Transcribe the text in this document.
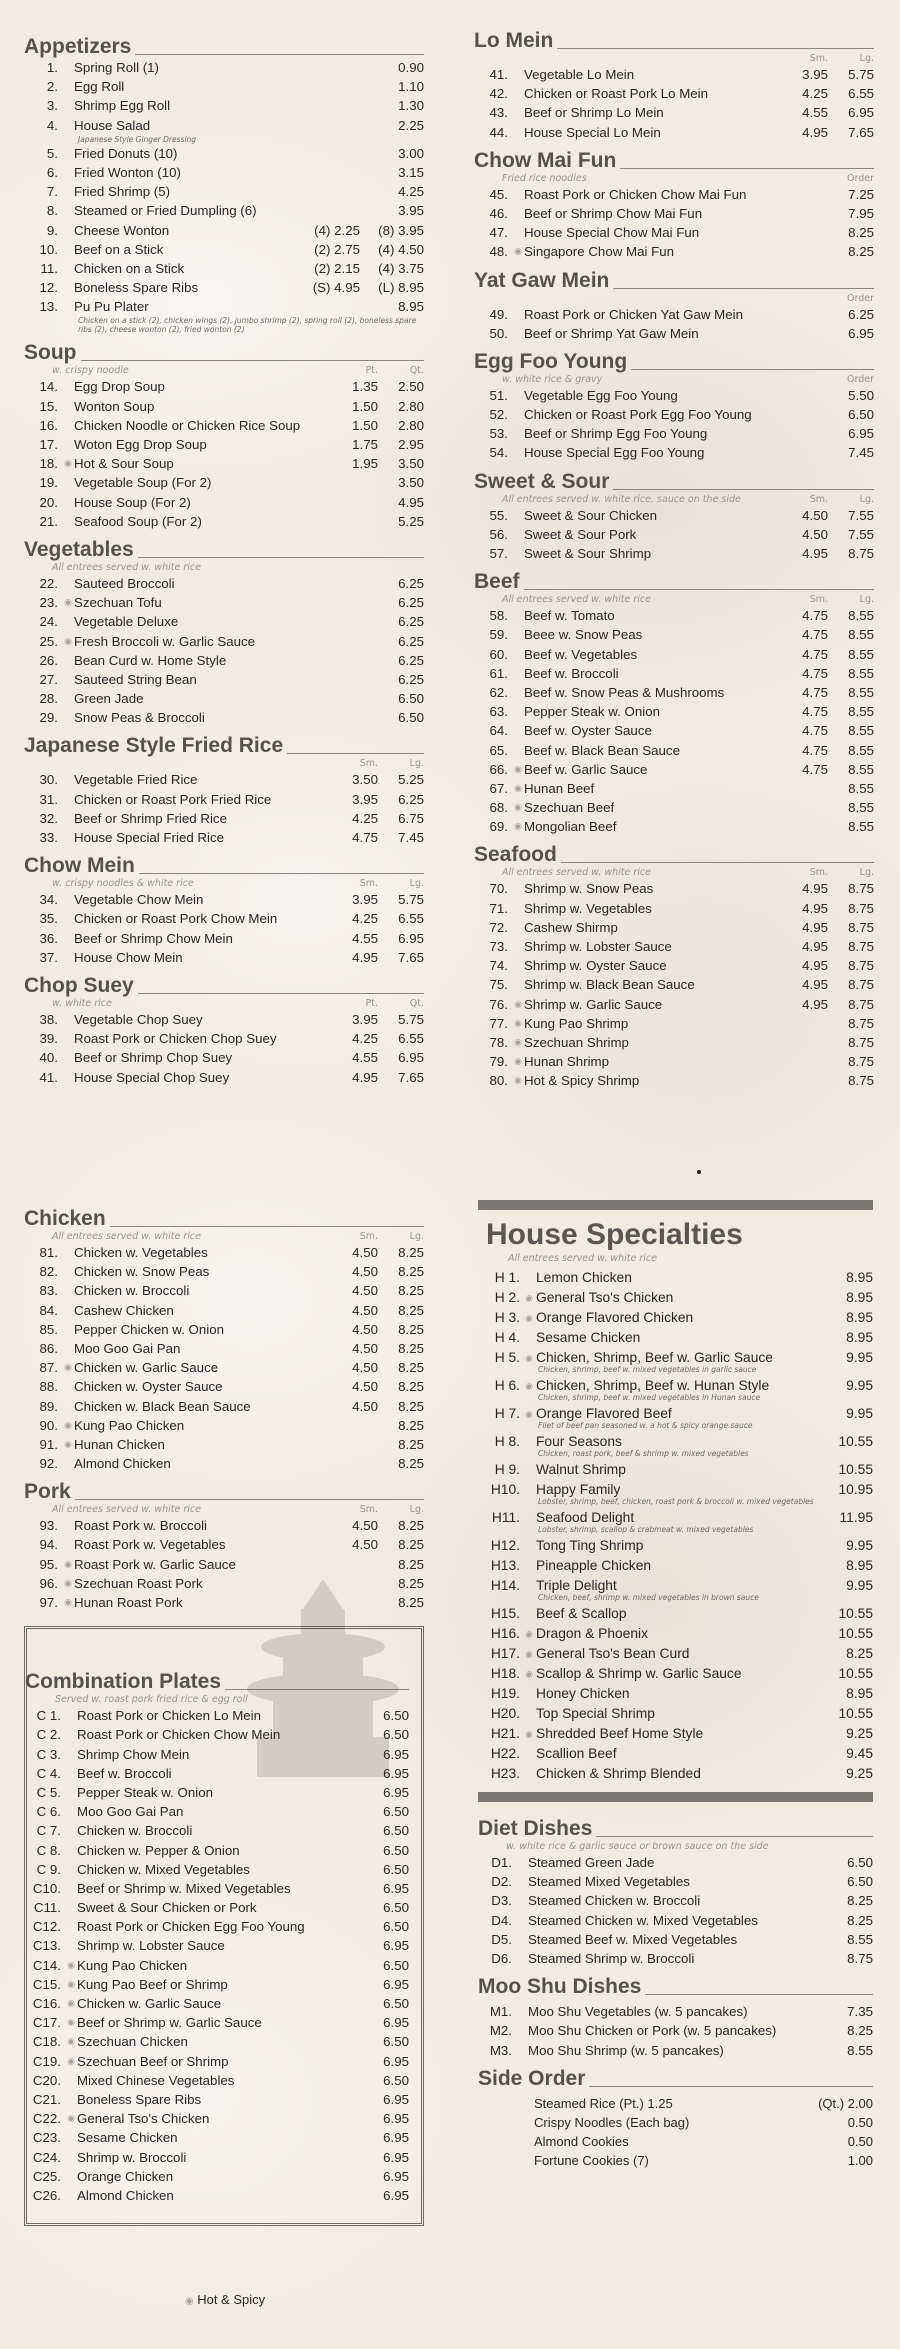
Appetizers
1.	Spring Roll (1)	0.90
2.	Egg Roll	1.10
3.	Shrimp Egg Roll	1.30
4.	House Salad	2.25
Japanese Style Ginger Dressing
5.	Fried Donuts (10)	3.00
6.	Fried Wonton (10)	3.15
7.	Fried Shrimp (5)	4.25
8.	Steamed or Fried Dumpling (6)	3.95
9.	Cheese Wonton	(4) 2.25	(8) 3.95
10.	Beef on a Stick	(2) 2.75	(4) 4.50
11.	Chicken on a Stick	(2) 2.15	(4) 3.75
12.	Boneless Spare Ribs	(S) 4.95	(L) 8.95
13.	Pu Pu Plater	8.95
Chicken on a stick (2), chicken wings (2), jumbo shrimp (2), spring roll (2), boneless spare ribs (2), cheese wonton (2), fried wonton (2)
Soup
w. crispy noodle	Pt.	Qt.
14.	Egg Drop Soup	1.35	2.50
15.	Wonton Soup	1.50	2.80
16.	Chicken Noodle or Chicken Rice Soup	1.50	2.80
17.	Woton Egg Drop Soup	1.75	2.95
18. ◉ Hot & Sour Soup	1.95	3.50
19.	Vegetable Soup (For 2)	3.50
20.	House Soup (For 2)	4.95
21.	Seafood Soup (For 2)	5.25
Vegetables
All entrees served w. white rice
22.	Sauteed Broccoli	6.25
23. ◉ Szechuan Tofu	6.25
24.	Vegetable Deluxe	6.25
25. ◉ Fresh Broccoli w. Garlic Sauce	6.25
26.	Bean Curd w. Home Style	6.25
27.	Sauteed String Bean	6.25
28.	Green Jade	6.50
29.	Snow Peas & Broccoli	6.50
Japanese Style Fried Rice
Sm.	Lg.
30.	Vegetable Fried Rice	3.50	5.25
31.	Chicken or Roast Pork Fried Rice	3.95	6.25
32.	Beef or Shrimp Fried Rice	4.25	6.75
33.	House Special Fried Rice	4.75	7.45
Chow Mein
w. crispy noodles & white rice	Sm.	Lg.
34.	Vegetable Chow Mein	3.95	5.75
35.	Chicken or Roast Pork Chow Mein	4.25	6.55
36.	Beef or Shrimp Chow Mein	4.55	6.95
37.	House Chow Mein	4.95	7.65
Chop Suey
w. white rice	Pt.	Qt.
38.	Vegetable Chop Suey	3.95	5.75
39.	Roast Pork or Chicken Chop Suey	4.25	6.55
40.	Beef or Shrimp Chop Suey	4.55	6.95
41.	House Special Chop Suey	4.95	7.65
Lo Mein
Sm.	Lg.
41.	Vegetable Lo Mein	3.95	5.75
42.	Chicken or Roast Pork Lo Mein	4.25	6.55
43.	Beef or Shrimp Lo Mein	4.55	6.95
44.	House Special Lo Mein	4.95	7.65
Chow Mai Fun
Fried rice noodles	Order
45.	Roast Pork or Chicken Chow Mai Fun	7.25
46.	Beef or Shrimp Chow Mai Fun	7.95
47.	House Special Chow Mai Fun	8.25
48. ◉ Singapore Chow Mai Fun	8.25
Yat Gaw Mein
Order
49.	Roast Pork or Chicken Yat Gaw Mein	6.25
50.	Beef or Shrimp Yat Gaw Mein	6.95
Egg Foo Young
w. white rice & gravy	Order
51.	Vegetable Egg Foo Young	5.50
52.	Chicken or Roast Pork Egg Foo Young	6.50
53.	Beef or Shrimp Egg Foo Young	6.95
54.	House Special Egg Foo Young	7.45
Sweet & Sour
All entrees served w. white rice, sauce on the side	Sm.	Lg.
55.	Sweet & Sour Chicken	4.50	7.55
56.	Sweet & Sour Pork	4.50	7.55
57.	Sweet & Sour Shrimp	4.95	8.75
Beef
All entrees served w. white rice	Sm.	Lg.
58.	Beef w. Tomato	4.75	8.55
59.	Beee w. Snow Peas	4.75	8.55
60.	Beef w. Vegetables	4.75	8.55
61.	Beef w. Broccoli	4.75	8.55
62.	Beef w. Snow Peas & Mushrooms	4.75	8.55
63.	Pepper Steak w. Onion	4.75	8.55
64.	Beef w. Oyster Sauce	4.75	8.55
65.	Beef w. Black Bean Sauce	4.75	8.55
66. ◉ Beef w. Garlic Sauce	4.75	8.55
67. ◉ Hunan Beef	8.55
68. ◉ Szechuan Beef	8.55
69. ◉ Mongolian Beef	8.55
Seafood
All entrees served w. white rice	Sm.	Lg.
70.	Shrimp w. Snow Peas	4.95	8.75
71.	Shrimp w. Vegetables	4.95	8.75
72.	Cashew Shirmp	4.95	8.75
73.	Shrimp w. Lobster Sauce	4.95	8.75
74.	Shrimp w. Oyster Sauce	4.95	8.75
75.	Shrimp w. Black Bean Sauce	4.95	8.75
76. ◉ Shrimp w. Garlic Sauce	4.95	8.75
77. ◉ Kung Pao Shrimp	8.75
78. ◉ Szechuan Shrimp	8.75
79. ◉ Hunan Shrimp	8.75
80. ◉ Hot & Spicy Shrimp	8.75
Chicken
All entrees served w. white rice	Sm.	Lg.
81.	Chicken w. Vegetables	4.50	8.25
82.	Chicken w. Snow Peas	4.50	8.25
83.	Chicken w. Broccoli	4.50	8.25
84.	Cashew Chicken	4.50	8.25
85.	Pepper Chicken w. Onion	4.50	8.25
86.	Moo Goo Gai Pan	4.50	8.25
87. ◉ Chicken w. Garlic Sauce	4.50	8.25
88.	Chicken w. Oyster Sauce	4.50	8.25
89.	Chicken w. Black Bean Sauce	4.50	8.25
90. ◉ Kung Pao Chicken	8.25
91. ◉ Hunan Chicken	8.25
92.	Almond Chicken	8.25
Pork
All entrees served w. white rice	Sm.	Lg.
93.	Roast Pork w. Broccoli	4.50	8.25
94.	Roast Pork w. Vegetables	4.50	8.25
95. ◉ Roast Pork w. Garlic Sauce	8.25
96. ◉ Szechuan Roast Pork	8.25
97. ◉ Hunan Roast Pork	8.25
Combination Plates
Served w. roast pork fried rice & egg roll
C 1.	Roast Pork or Chicken Lo Mein	6.50
C 2.	Roast Pork or Chicken Chow Mein	6.50
C 3.	Shrimp Chow Mein	6.95
C 4.	Beef w. Broccoli	6.95
C 5.	Pepper Steak w. Onion	6.95
C 6.	Moo Goo Gai Pan	6.50
C 7.	Chicken w. Broccoli	6.50
C 8.	Chicken w. Pepper & Onion	6.50
C 9.	Chicken w. Mixed Vegetables	6.50
C10.	Beef or Shrimp w. Mixed Vegetables	6.95
C11.	Sweet & Sour Chicken or Pork	6.50
C12.	Roast Pork or Chicken Egg Foo Young	6.50
C13.	Shrimp w. Lobster Sauce	6.95
C14. ◉ Kung Pao Chicken	6.50
C15. ◉ Kung Pao Beef or Shrimp	6.95
C16. ◉ Chicken w. Garlic Sauce	6.50
C17. ◉ Beef or Shrimp w. Garlic Sauce	6.95
C18. ◉ Szechuan Chicken	6.50
C19. ◉ Szechuan Beef or Shrimp	6.95
C20.	Mixed Chinese Vegetables	6.50
C21.	Boneless Spare Ribs	6.95
C22. ◉ General Tso's Chicken	6.95
C23.	Sesame Chicken	6.95
C24.	Shrimp w. Broccoli	6.95
C25.	Orange Chicken	6.95
C26.	Almond Chicken	6.95
◉ Hot & Spicy
House Specialties
All entrees served w. white rice
H 1. Lemon Chicken	8.95
H 2. ◉ General Tso's Chicken	8.95
H 3. ◉ Orange Flavored Chicken	8.95
H 4. Sesame Chicken	8.95
H 5. ◉ Chicken, Shrimp, Beef w. Garlic Sauce	9.95
Chicken, shrimp, beef w. mixed vegetables in garlic sauce
H 6. ◉ Chicken, Shrimp, Beef w. Hunan Style	9.95
Chicken, shrimp, beef w. mixed vegetables in Hunan sauce
H 7. ◉ Orange Flavored Beef	9.95
Filet of beef pan seasoned w. a hot & spicy orange sauce
H 8. Four Seasons	10.55
Chicken, roast pork, beef & shrimp w. mixed vegetables
H 9. Walnut Shrimp	10.55
H10. Happy Family	10.95
Lobster, shrimp, beef, chicken, roast pork & broccoli w. mixed vegetables
H11. Seafood Delight	11.95
Lobster, shrimp, scallop & crabmeat w. mixed vegetables
H12. Tong Ting Shrimp	9.95
H13. Pineapple Chicken	8.95
H14. Triple Delight	9.95
Chicken, beef, shrimp w. mixed vegetables in brown sauce
H15. Beef & Scallop	10.55
H16. ◉ Dragon & Phoenix	10.55
H17. ◉ General Tso's Bean Curd	8.25
H18. ◉ Scallop & Shrimp w. Garlic Sauce	10.55
H19. Honey Chicken	8.95
H20. Top Special Shrimp	10.55
H21. ◉ Shredded Beef Home Style	9.25
H22. Scallion Beef	9.45
H23. Chicken & Shrimp Blended	9.25
Diet Dishes
w. white rice & garlic sauce or brown sauce on the side
D1.	Steamed Green Jade	6.50
D2.	Steamed Mixed Vegetables	6.50
D3.	Steamed Chicken w. Broccoli	8.25
D4.	Steamed Chicken w. Mixed Vegetables	8.25
D5.	Steamed Beef w. Mixed Vegetables	8.55
D6.	Steamed Shrimp w. Broccoli	8.75
Moo Shu Dishes
M1.	Moo Shu Vegetables (w. 5 pancakes)	7.35
M2.	Moo Shu Chicken or Pork (w. 5 pancakes)	8.25
M3.	Moo Shu Shrimp (w. 5 pancakes)	8.55
Side Order
Steamed Rice (Pt.) 1.25	(Qt.) 2.00
Crispy Noodles (Each bag)	0.50
Almond Cookies	0.50
Fortune Cookies (7)	1.00
